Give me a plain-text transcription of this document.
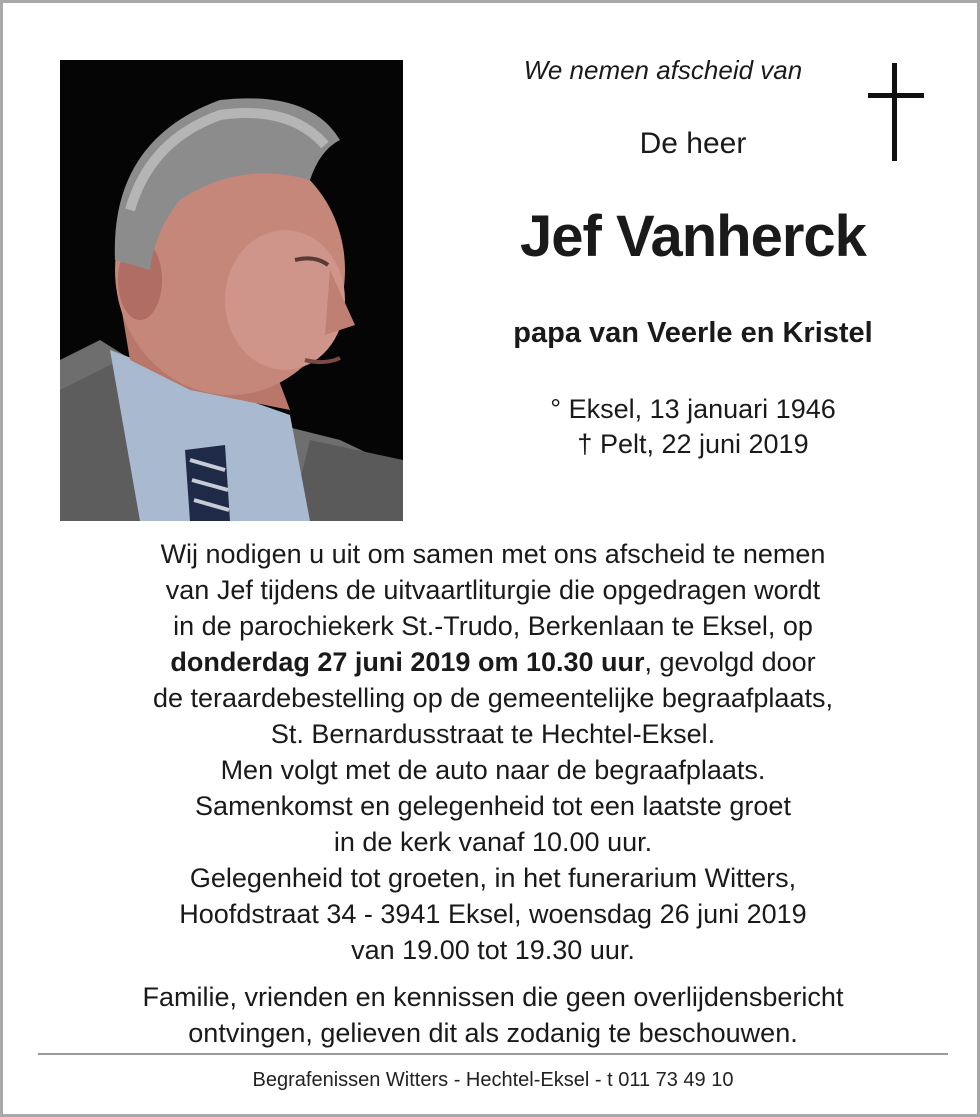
We nemen afscheid van
De heer
Jef Vanherck
papa van Veerle en Kristel
° Eksel, 13 januari 1946
† Pelt, 22 juni 2019
Wij nodigen u uit om samen met ons afscheid te nemen
van Jef tijdens de uitvaartliturgie die opgedragen wordt
in de parochiekerk St.-Trudo, Berkenlaan te Eksel, op
donderdag 27 juni 2019 om 10.30 uur, gevolgd door
de teraardebestelling op de gemeentelijke begraafplaats,
St. Bernardusstraat te Hechtel-Eksel.
Men volgt met de auto naar de begraafplaats.
Samenkomst en gelegenheid tot een laatste groet
in de kerk vanaf 10.00 uur.
Gelegenheid tot groeten, in het funerarium Witters,
Hoofdstraat 34 - 3941 Eksel, woensdag 26 juni 2019
van 19.00 tot 19.30 uur.
Familie, vrienden en kennissen die geen overlijdensbericht
ontvingen, gelieven dit als zodanig te beschouwen.
Begrafenissen Witters - Hechtel-Eksel - t 011 73 49 10
